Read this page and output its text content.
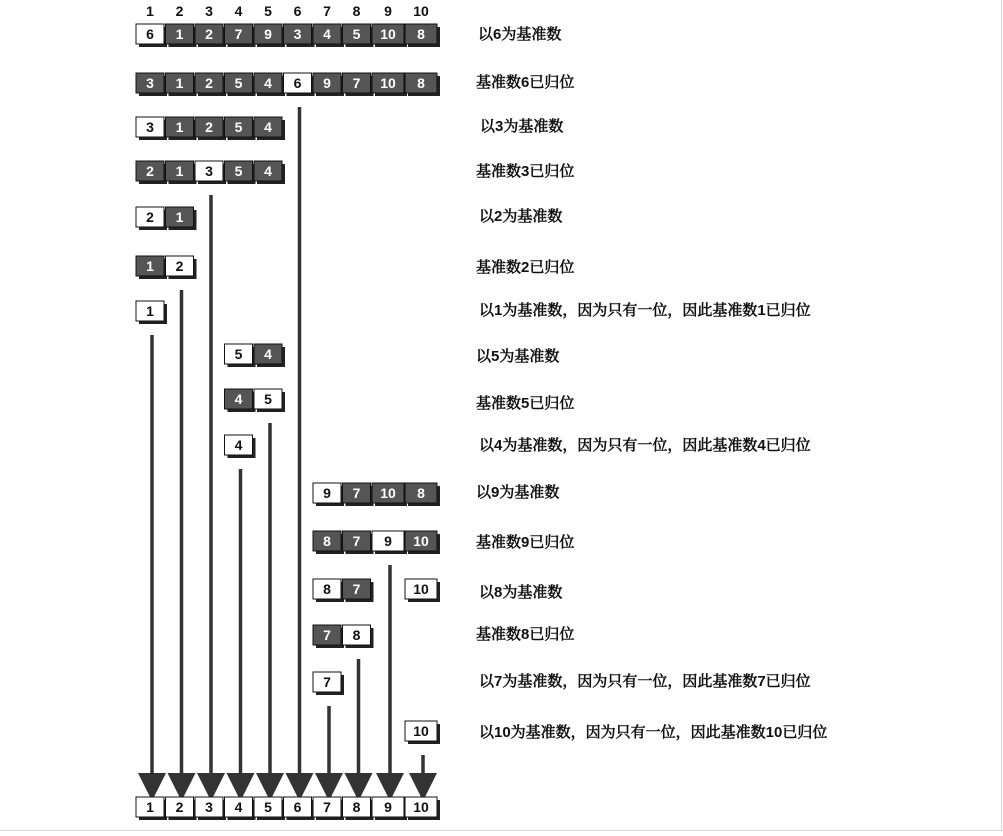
1 2 3 4 5 6 7 8 9 10
6 1 2 7 9 3 4 5 10 8
3 1 2 5 4 6 9 7 10 8
3 1 2 5 4
2 1 3 5 4
2 1
1 2
1
5 4
4 5
4
9 7 10 8
8 7 9 10
8 7	10
7 8
7
10
1 2 3 4 5 6 7 8 9 10
以6为基准数
基准数6已归位
以3为基准数
基准数3已归位
以2为基准数
基准数2已归位
以1为基准数，因为只有一位，因此基准数1已归位
以5为基准数
基准数5已归位
以4为基准数，因为只有一位，因此基准数4已归位
以9为基准数
基准数9已归位
以8为基准数
基准数8已归位
以7为基准数，因为只有一位，因此基准数7已归位
以10为基准数，因为只有一位，因此基准数10已归位
